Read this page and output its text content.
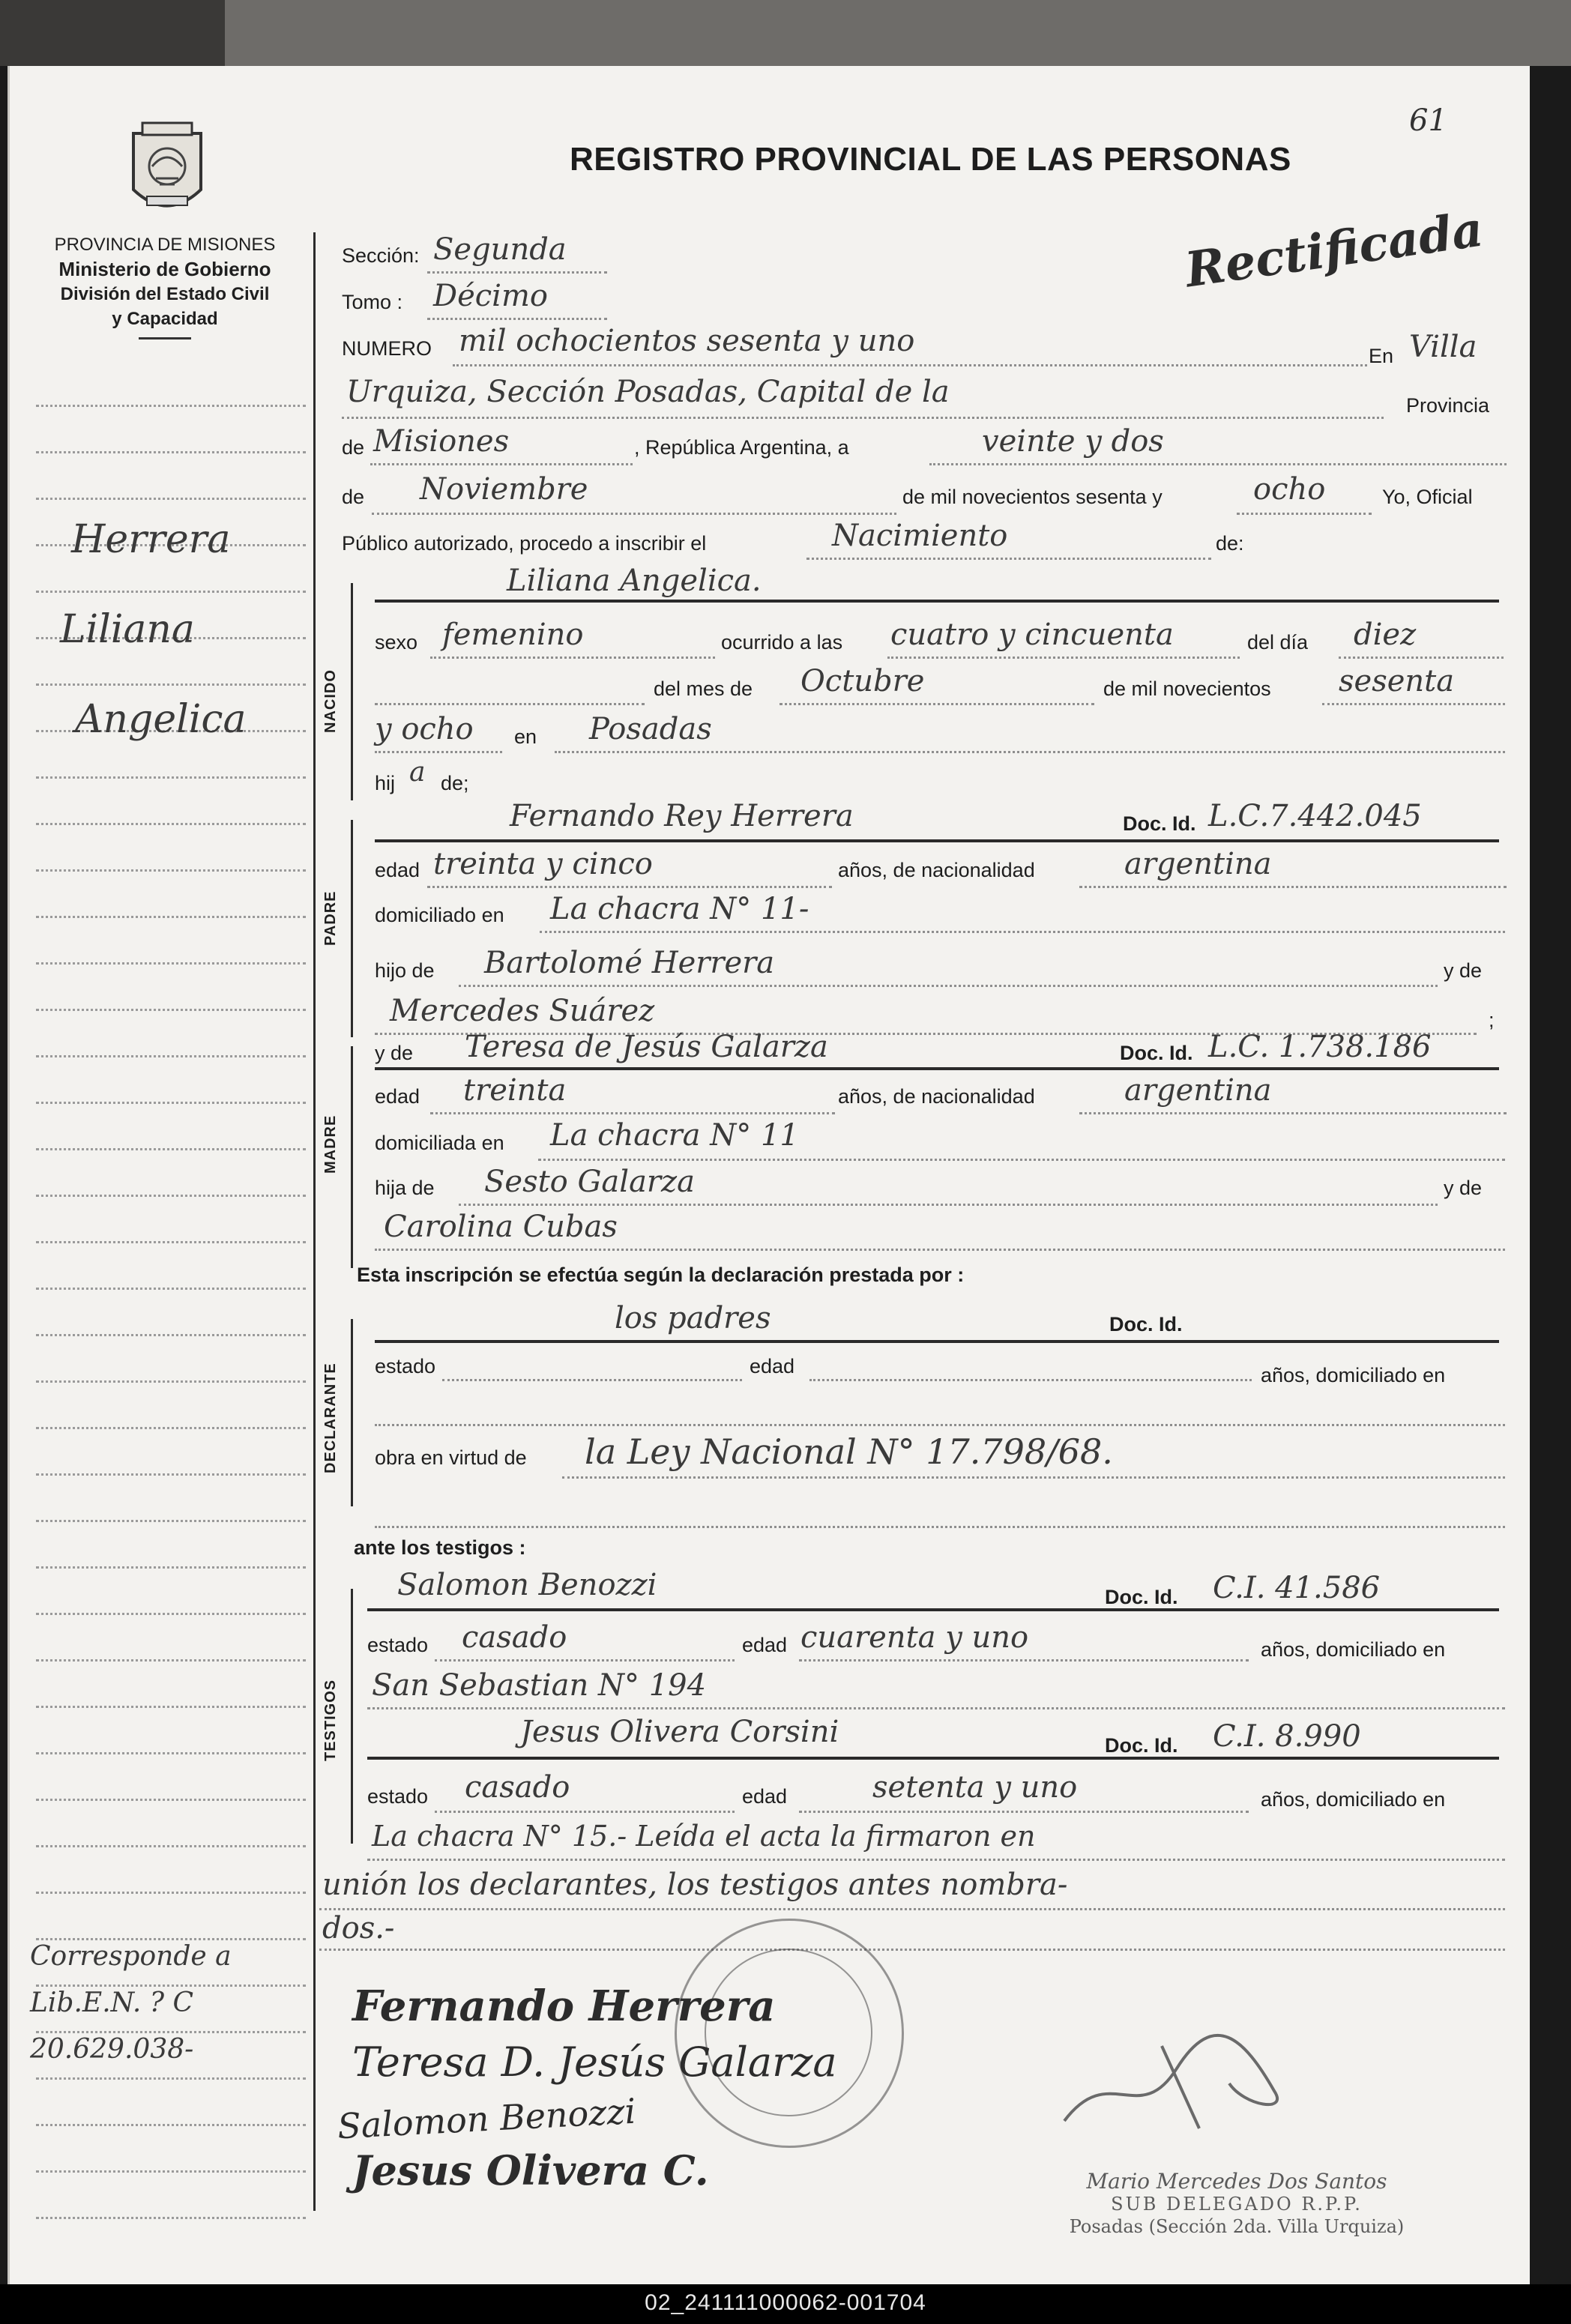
61
REGISTRO PROVINCIAL DE LAS PERSONAS
Rectificada
PROVINCIA DE MISIONES
Ministerio de Gobierno
División del Estado Civil
y Capacidad
Herrera
Liliana
Angelica
Corresponde a
Lib.E.N. ? C
20.629.038-
Sección: Segunda
Tomo : Décimo
NUMERO mil ochocientos sesenta y uno	En Villa
Urquiza, Sección Posadas, Capital de la	Provincia
de Misiones	, República Argentina, a	veinte y dos
de Noviembre	de mil novecientos sesenta y	ocho	Yo, Oficial
Público autorizado, procedo a inscribir el	Nacimiento	de:
Liliana Angelica.
NACIDO
sexo femenino	ocurrido a las cuatro y cincuenta	del día diez
del mes de Octubre	de mil novecientos sesenta
y ocho en Posadas
hij a de;
Fernando Rey Herrera	Doc. Id. L.C.7.442.045
PADRE
edad treinta y cinco	años, de nacionalidad	argentina
domiciliado en La chacra N° 11-
hijo de Bartolomé Herrera	y de
Mercedes Suárez	;
y de Teresa de Jesús Galarza	Doc. Id. L.C. 1.738.186
MADRE
edad treinta	años, de nacionalidad	argentina
domiciliada en La chacra N° 11
hija de Sesto Galarza	y de
Carolina Cubas
Esta inscripción se efectúa según la declaración prestada por :
los padres	Doc. Id.
DECLARANTE estado	edad	años, domiciliado en
obra en virtud de la Ley Nacional N° 17.798/68.
ante los testigos :
Salomon Benozzi	Doc. Id. C.I. 41.586
TESTIGOS
estado casado	edad cuarenta y uno	años, domiciliado en
San Sebastian N° 194
Jesus Olivera Corsini	Doc. Id. C.I. 8.990
estado casado	edad	setenta y uno	años, domiciliado en
La chacra N° 15.- Leída el acta la firmaron en
unión los declarantes, los testigos antes nombra-
dos.-
Fernando Herrera
Teresa D. Jesús Galarza
Salomon Benozzi
Jesus Olivera C.	Mario Mercedes Dos Santos
SUB DELEGADO R.P.P.
Posadas (Sección 2da. Villa Urquiza)
02_241111000062-001704
